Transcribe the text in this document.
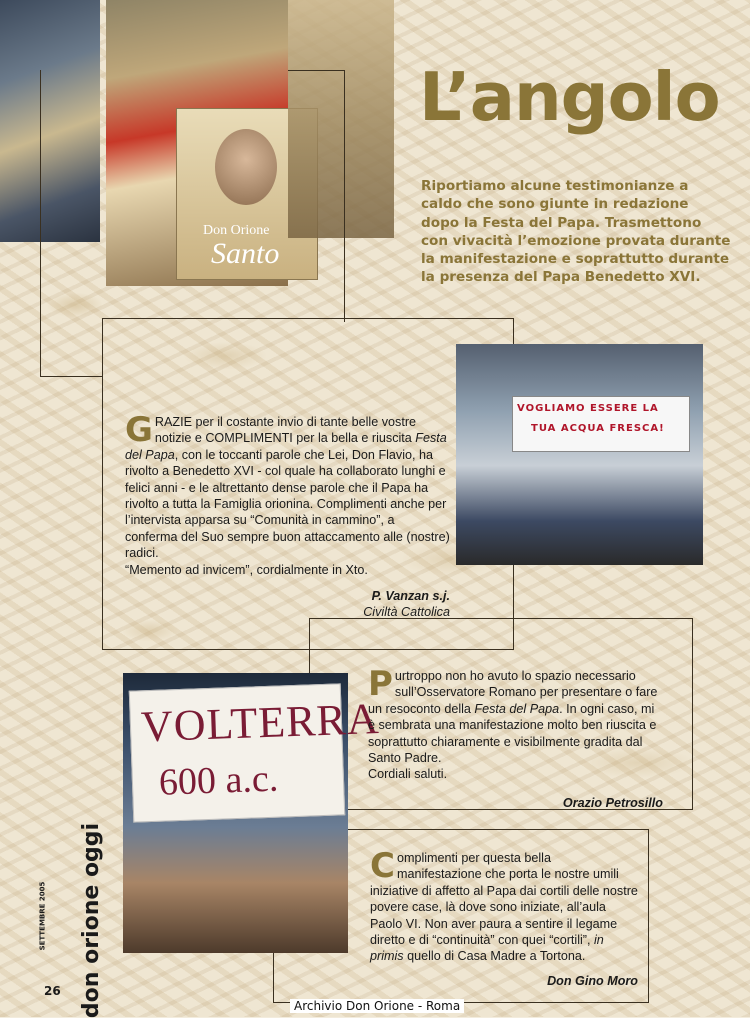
Don Orione
Santo
L’angolo

Riportiamo alcune testimonianze a caldo che sono giunte in redazione dopo la Festa del Papa. Trasmettono con vivacità l’emozione provata durante la manifestazione e soprattutto durante la presenza del Papa Benedetto XVI.

VOGLIAMO ESSERE LA
TUA ACQUA FRESCA!

GRAZIE per il costante invio di tante belle vostre notizie e COMPLIMENTI per la bella e riuscita Festa del Papa, con le toccanti parole che Lei, Don Flavio, ha rivolto a Benedetto XVI - col quale ha collaborato lunghi e felici anni - e le altrettanto dense parole che il Papa ha rivolto a tutta la Famiglia orionina. Complimenti anche per l’intervista apparsa su “Comunità in cammino”, a conferma del Suo sempre buon attaccamento alle (nostre) radici.

“Memento ad invicem”, cordialmente in Xto.

P. Vanzan s.j.

Civiltà Cattolica

VOLTERRA
600 a.c.

Purtroppo non ho avuto lo spazio necessario sull’Osservatore Romano per presentare o fare un resoconto della Festa del Papa. In ogni caso, mi è sembrata una manifestazione molto ben riuscita e soprattutto chiaramente e visibilmente gradita dal Santo Padre.

Cordiali saluti.

Orazio Petrosillo

Complimenti per questa bella manifestazione che porta le nostre umili iniziative di affetto al Papa dai cortili delle nostre povere case, là dove sono iniziate, all’aula Paolo VI. Non aver paura a sentire il legame diretto e di “continuità” con quei “cortili”, in primis quello di Casa Madre a Tortona.

Don Gino Moro

don orione oggi
SETTEMBRE 2005
26
Archivio Don Orione - Roma
